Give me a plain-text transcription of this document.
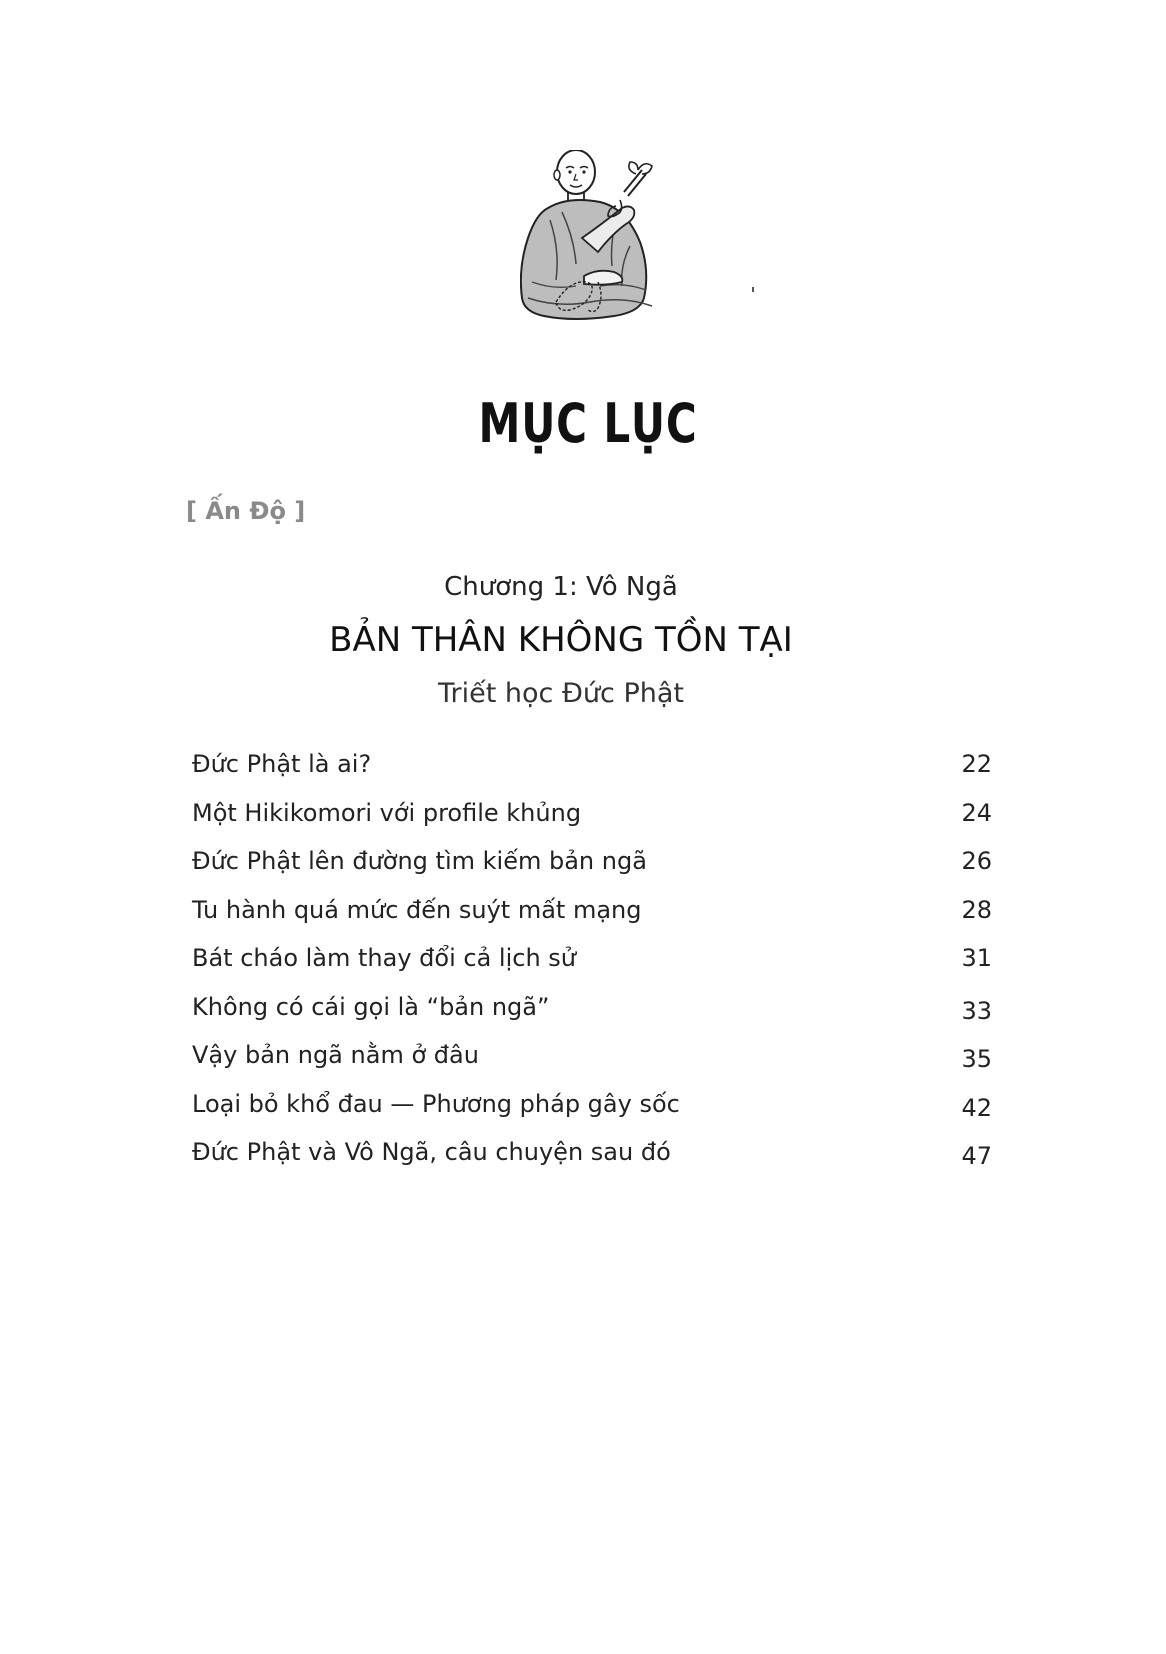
MỤC LỤC
[ Ấn Độ ]
Chương 1: Vô Ngã
BẢN THÂN KHÔNG TỒN TẠI
Triết học Đức Phật
Đức Phật là ai?	22
Một Hikikomori với profile khủng	24
Đức Phật lên đường tìm kiếm bản ngã	26
Tu hành quá mức đến suýt mất mạng	28
Bát cháo làm thay đổi cả lịch sử	31
Không có cái gọi là “bản ngã”	33
Vậy bản ngã nằm ở đâu	35
Loại bỏ khổ đau — Phương pháp gây sốc	42
Đức Phật và Vô Ngã, câu chuyện sau đó	47
